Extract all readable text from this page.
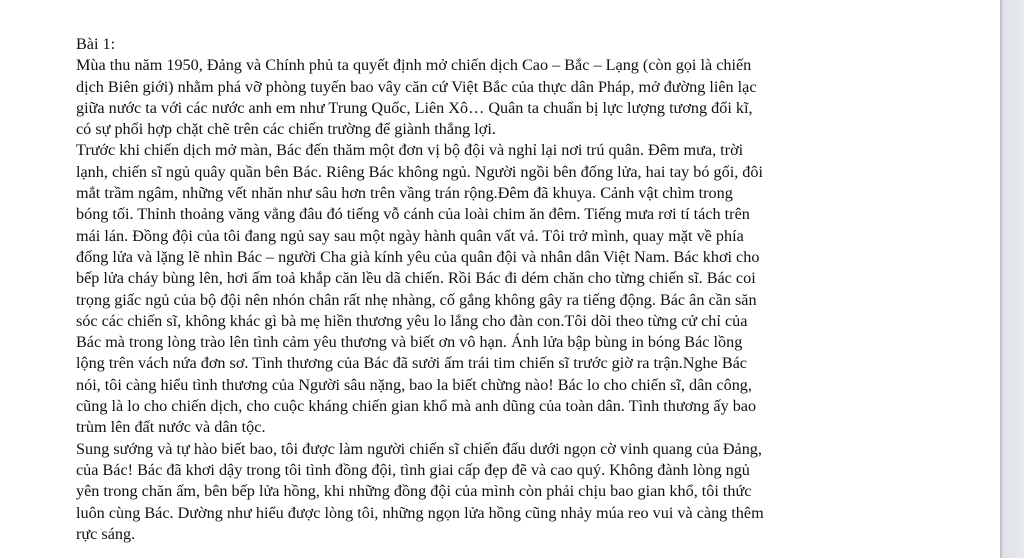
Bài 1:
Mùa thu năm 1950, Đảng và Chính phủ ta quyết định mở chiến dịch Cao – Bắc – Lạng (còn gọi là chiến
dịch Biên giới) nhằm phá vỡ phòng tuyến bao vây căn cứ Việt Bắc của thực dân Pháp, mở đường liên lạc
giữa nước ta với các nước anh em như Trung Quốc, Liên Xô… Quân ta chuẩn bị lực lượng tương đối kĩ,
có sự phối hợp chặt chẽ trên các chiến trường để giành thắng lợi.
Trước khi chiến dịch mở màn, Bác đến thăm một đơn vị bộ đội và nghỉ lại nơi trú quân. Đêm mưa, trời
lạnh, chiến sĩ ngủ quây quần bên Bác. Riêng Bác không ngủ. Người ngồi bên đống lửa, hai tay bó gối, đôi
mắt trầm ngâm, những vết nhăn như sâu hơn trên vầng trán rộng.Đêm đã khuya. Cảnh vật chìm trong
bóng tối. Thỉnh thoảng văng vẳng đâu đó tiếng vỗ cánh của loài chim ăn đêm. Tiếng mưa rơi tí tách trên
mái lán. Đồng đội của tôi đang ngủ say sau một ngày hành quân vất vả. Tôi trở mình, quay mặt về phía
đống lửa và lặng lẽ nhìn Bác – người Cha già kính yêu của quân đội và nhân dân Việt Nam. Bác khơi cho
bếp lửa cháy bùng lên, hơi ấm toả khắp căn lều dã chiến. Rồi Bác đi dém chăn cho từng chiến sĩ. Bác coi
trọng giấc ngủ của bộ đội nên nhón chân rất nhẹ nhàng, cố gắng không gây ra tiếng động. Bác ân cần săn
sóc các chiến sĩ, không khác gì bà mẹ hiền thương yêu lo lắng cho đàn con.Tôi dõi theo từng cử chỉ của
Bác mà trong lòng trào lên tình cảm yêu thương và biết ơn vô hạn. Ánh lửa bập bùng in bóng Bác lồng
lộng trên vách nứa đơn sơ. Tình thương của Bác đã sưởi ấm trái tim chiến sĩ trước giờ ra trận.Nghe Bác
nói, tôi càng hiểu tình thương của Người sâu nặng, bao la biết chừng nào! Bác lo cho chiến sĩ, dân công,
cũng là lo cho chiến dịch, cho cuộc kháng chiến gian khổ mà anh dũng của toàn dân. Tình thương ấy bao
trùm lên đất nước và dân tộc.
Sung sướng và tự hào biết bao, tôi được làm người chiến sĩ chiến đấu dưới ngọn cờ vinh quang của Đảng,
của Bác! Bác đã khơi dậy trong tôi tình đồng đội, tình giai cấp đẹp đẽ và cao quý. Không đành lòng ngủ
yên trong chăn ấm, bên bếp lửa hồng, khi những đồng đội của mình còn phải chịu bao gian khổ, tôi thức
luôn cùng Bác. Dường như hiểu được lòng tôi, những ngọn lửa hồng cũng nhảy múa reo vui và càng thêm
rực sáng.
